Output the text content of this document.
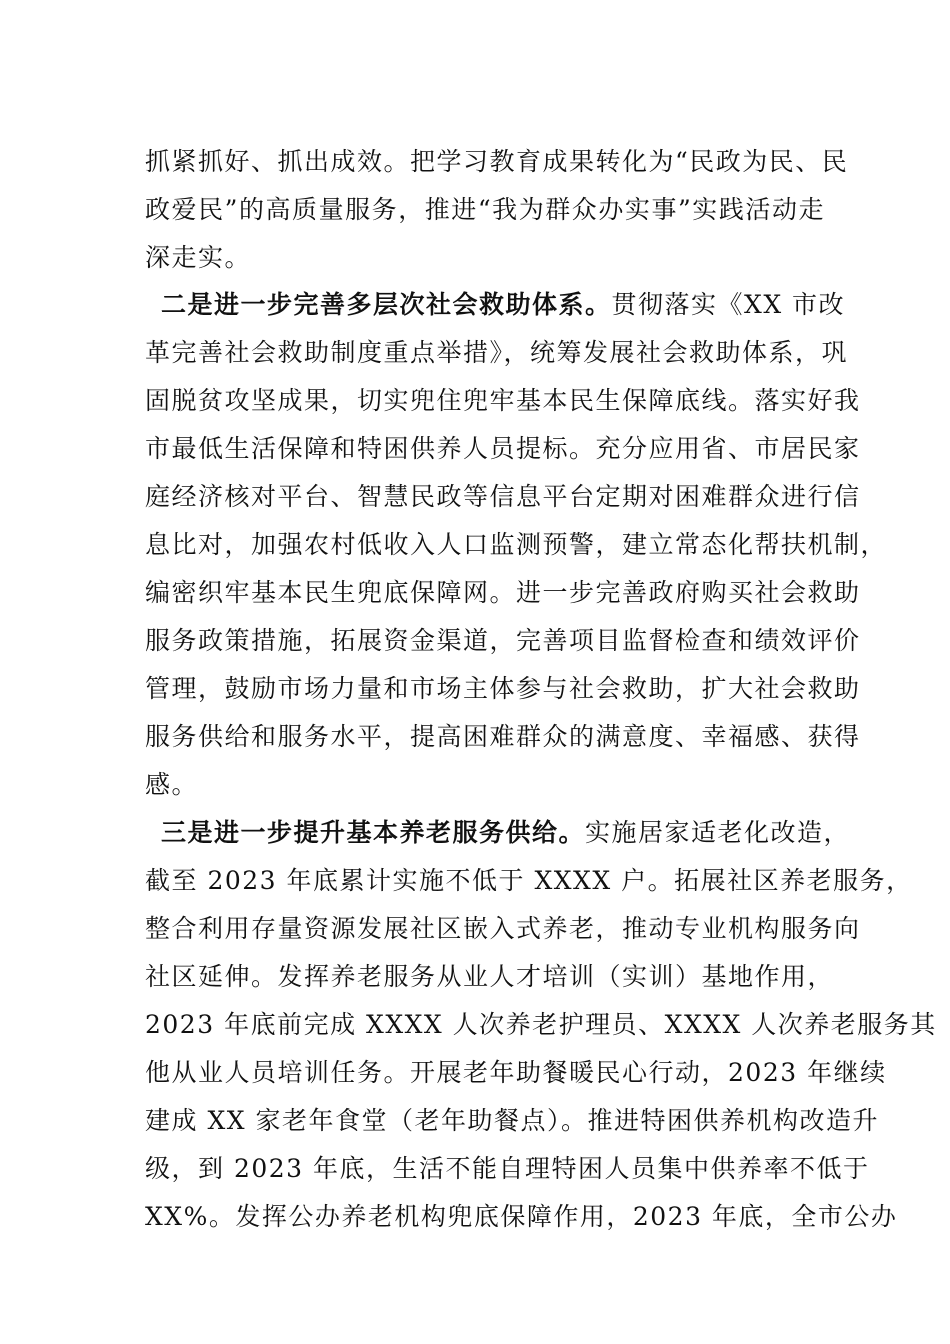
抓紧抓好、抓出成效。把学习教育成果转化为“民政为民、民
政爱民”的高质量服务，推进“我为群众办实事”实践活动走
深走实。
二是进一步完善多层次社会救助体系。贯彻落实《XX 市改
革完善社会救助制度重点举措》，统筹发展社会救助体系，巩
固脱贫攻坚成果，切实兜住兜牢基本民生保障底线。落实好我
市最低生活保障和特困供养人员提标。充分应用省、市居民家
庭经济核对平台、智慧民政等信息平台定期对困难群众进行信
息比对，加强农村低收入人口监测预警，建立常态化帮扶机制，
编密织牢基本民生兜底保障网。进一步完善政府购买社会救助
服务政策措施，拓展资金渠道，完善项目监督检查和绩效评价
管理，鼓励市场力量和市场主体参与社会救助，扩大社会救助
服务供给和服务水平，提高困难群众的满意度、幸福感、获得
感。
三是进一步提升基本养老服务供给。实施居家适老化改造，
截至 2023 年底累计实施不低于 XXXX 户。拓展社区养老服务，
整合利用存量资源发展社区嵌入式养老，推动专业机构服务向
社区延伸。发挥养老服务从业人才培训（实训）基地作用，
2023 年底前完成 XXXX 人次养老护理员、XXXX 人次养老服务其
他从业人员培训任务。开展老年助餐暖民心行动，2023 年继续
建成 XX 家老年食堂（老年助餐点）。推进特困供养机构改造升
级，到 2023 年底，生活不能自理特困人员集中供养率不低于
XX%。发挥公办养老机构兜底保障作用，2023 年底，全市公办
